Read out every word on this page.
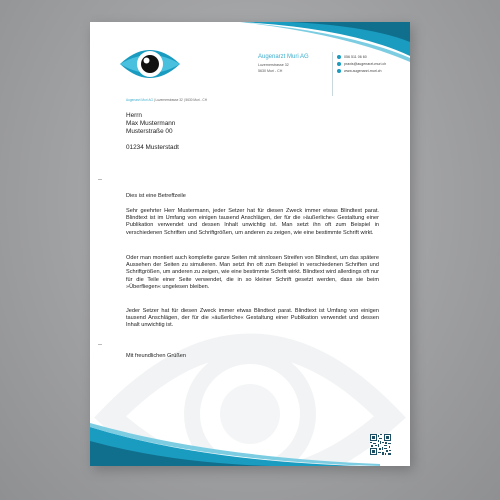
Augenarzt Muri AG
Luzernerstrasse 32
5630 Muri - CH
056 511 06 60
praxis@augenarzt-muri.ch
www.augenarzt-muri.ch
Augenarzt Muri AG | Luzernerstrasse 32 | 5630 Muri - CH
Herrn
Max Mustermann
Musterstraße 00
01234 Musterstadt
Dies ist eine Betreffzeile
Sehr geehrter Herr Mustermann, jeder Setzer hat für diesen Zweck immer etwas Blindtext parat. Blindtext ist im Umfang von einigen tausend Anschlägen, der für die »äußerliche« Gestaltung einer Publikation verwendet und dessen Inhalt unwichtig ist. Man setzt ihn oft zum Beispiel in verschiedenen Schriften und Schriftgrößen, um anderen zu zeigen, wie eine bestimmte Schrift wirkt.
Oder man montiert auch komplette ganze Seiten mit sinnlosen Streifen von Blindtext, um das spätere Aussehen der Seiten zu simulieren. Man setzt ihn oft zum Beispiel in verschiedenen Schriften und Schriftgrößen, um anderen zu zeigen, wie eine bestimmte Schrift wirkt. Blindtext wird allerdings oft nur für die Teile einer Seite verwendet, die in so kleiner Schrift gesetzt werden, dass sie beim »Überfliegen« ungelesen bleiben.
Jeder Setzer hat für diesen Zweck immer etwas Blindtext parat. Blindtext ist Umfang von einigen tausend Anschlägen, der für die »äußerliche« Gestaltung einer Publikation verwendet und dessen Inhalt unwichtig ist.
Mit freundlichen Grüßen
